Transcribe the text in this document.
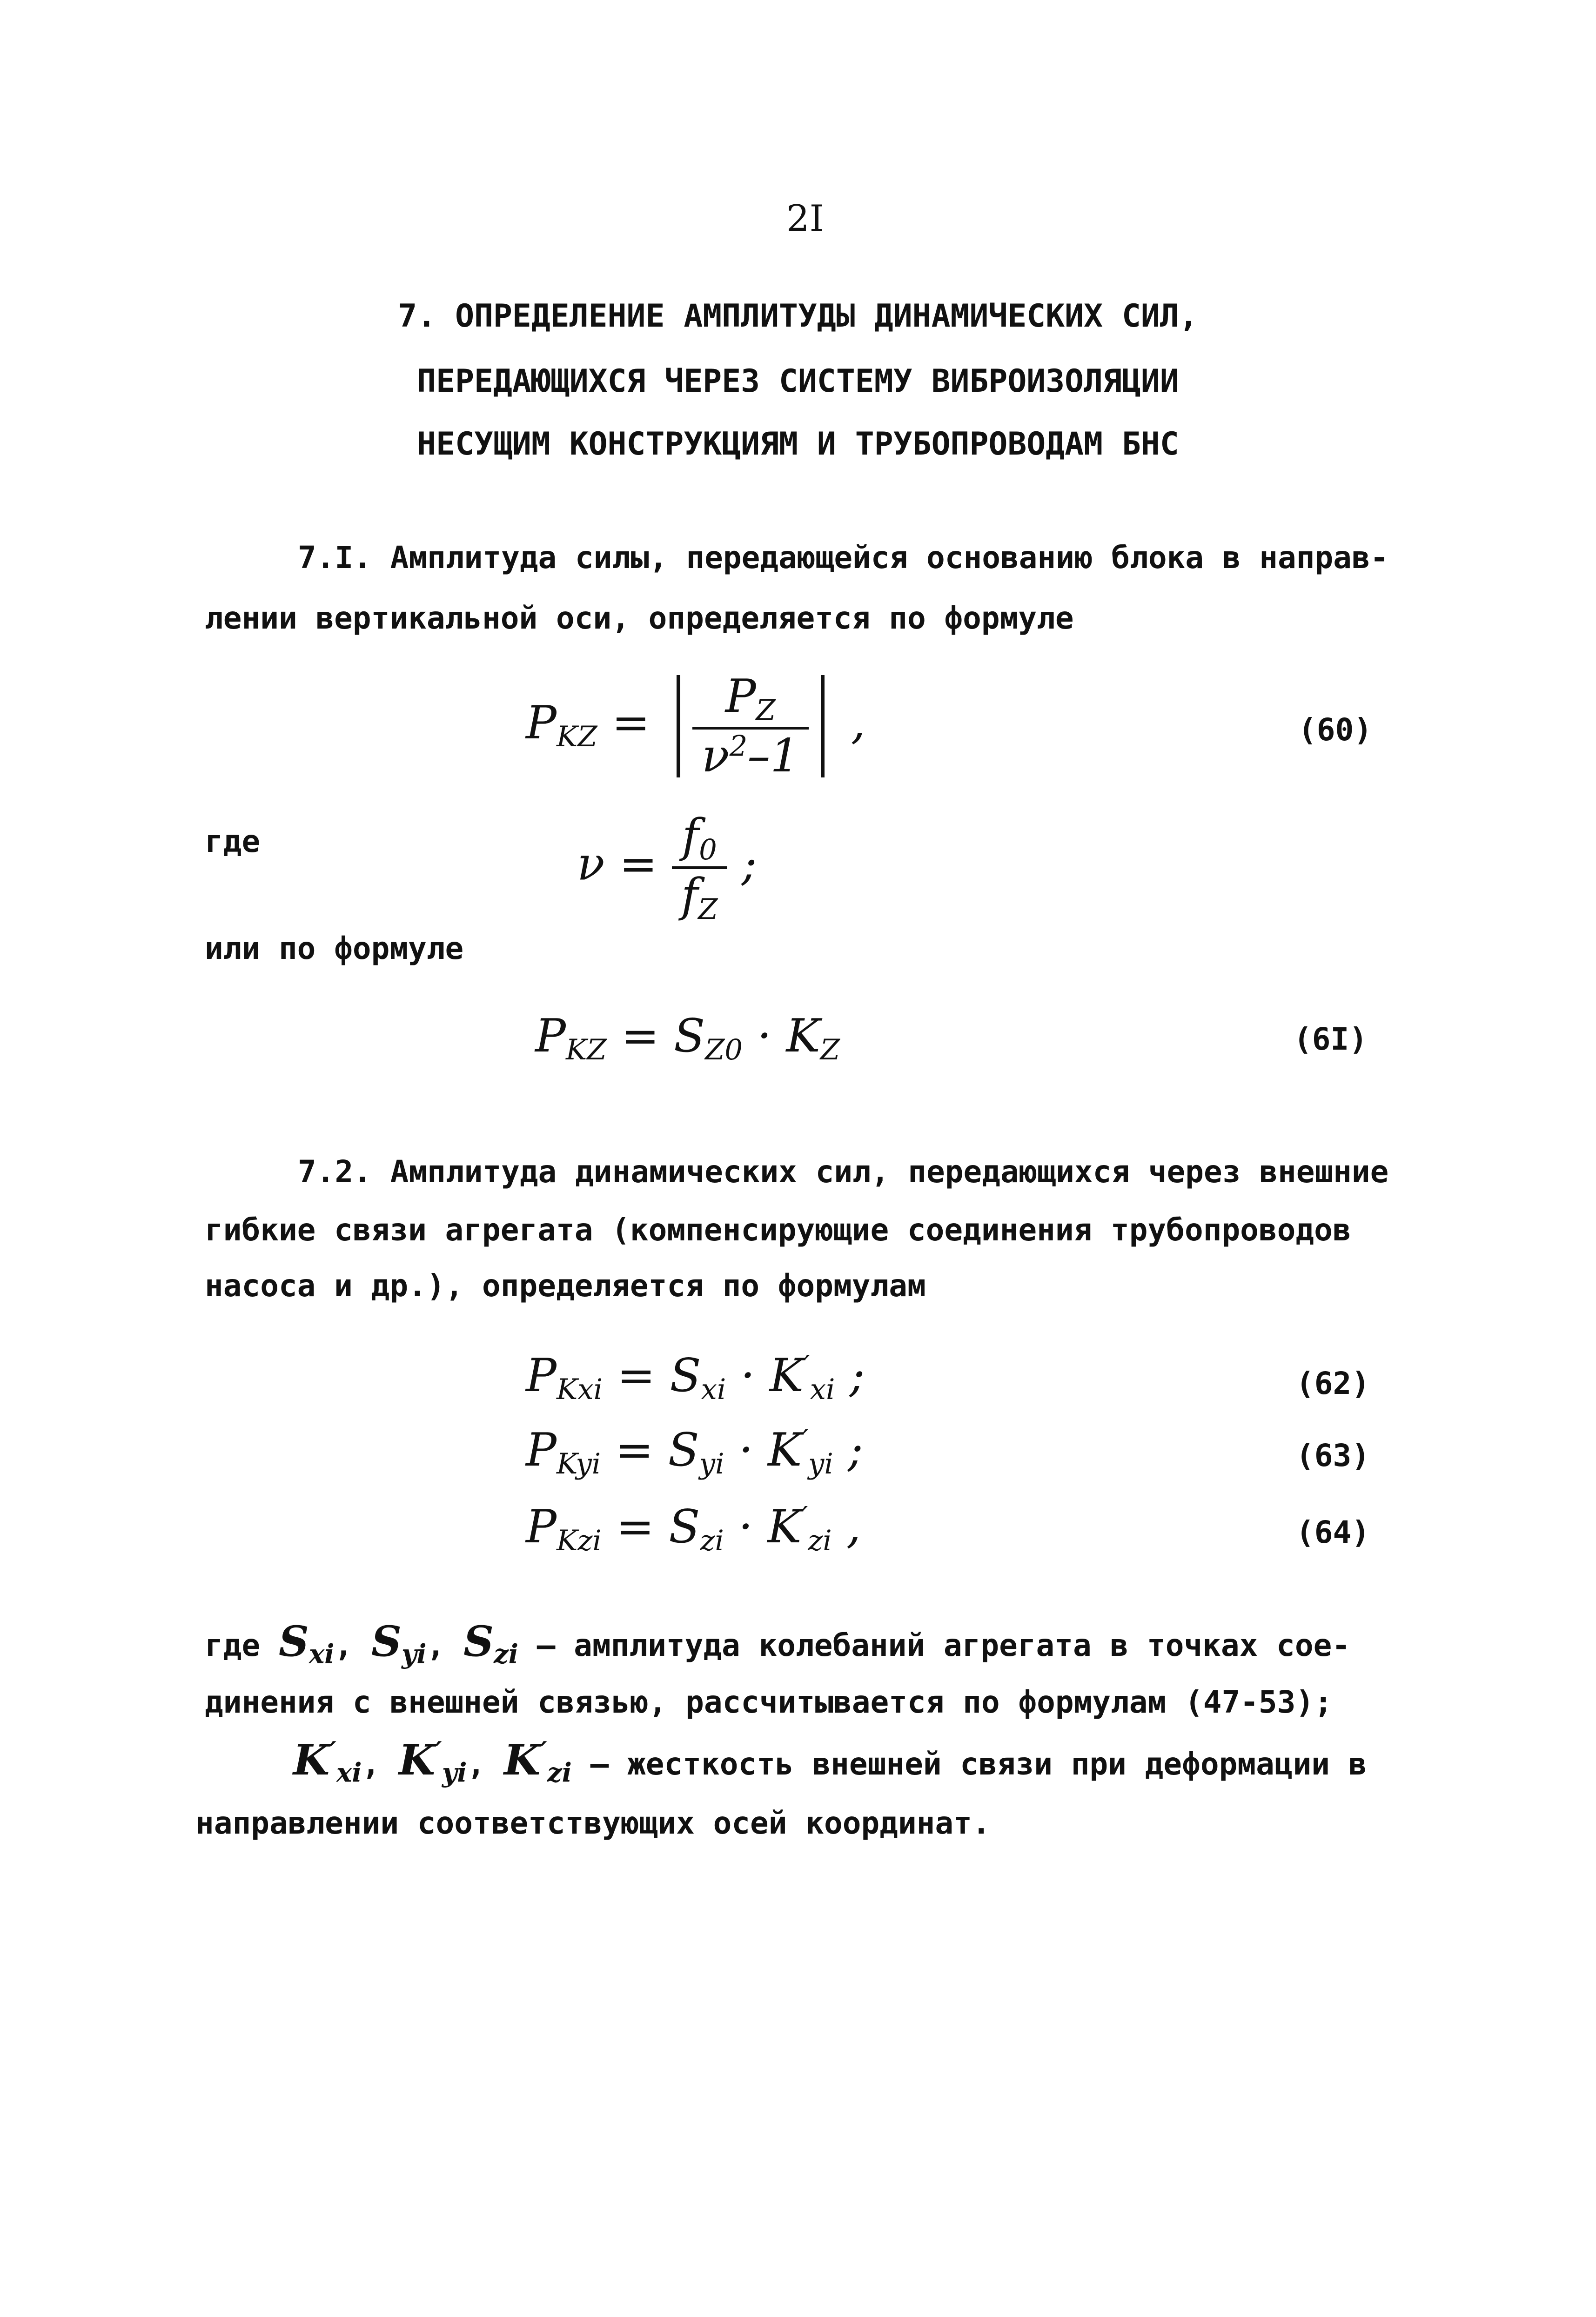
2I
7. ОПРЕДЕЛЕНИЕ АМПЛИТУДЫ ДИНАМИЧЕСКИХ СИЛ,
ПЕРЕДАЮЩИХСЯ ЧЕРЕЗ СИСТЕМУ ВИБРОИЗОЛЯЦИИ
НЕСУЩИМ КОНСТРУКЦИЯМ И ТРУБОПРОВОДАМ БНС
7.I. Амплитуда силы, передающейся основанию блока в направ-
лении вертикальной оси, определяется по формуле
$P_{KZ}$ =	$P_Z$
$\nu^2-1$
,	(60)
где	ν =
$f_0$
$f_Z$
;
или по формуле
$P_{KZ} = S_{Z0} \cdot K_Z$	(6I)
7.2. Амплитуда динамических сил, передающихся через внешние
гибкие связи агрегата (компенсирующие соединения трубопроводов
насоса и др.), определяется по формулам
$P_{Kxi} = S_{xi} \cdot K'_{xi}$ ;	(62)
$P_{Kyi} = S_{yi} \cdot K'_{yi}$ ;	(63)
$P_{Kzi} = S_{zi} \cdot K'_{zi}$ ,	(64)
где $S_{xi}$, $S_{yi}$, $S_{zi}$ – амплитуда колебаний агрегата в точках сое-
динения с внешней связью, рассчитывается по формулам (47-53);
$K'_{xi}$, $K'_{yi}$, $K'_{zi}$ – жесткость внешней связи при деформации в
направлении соответствующих осей координат.
